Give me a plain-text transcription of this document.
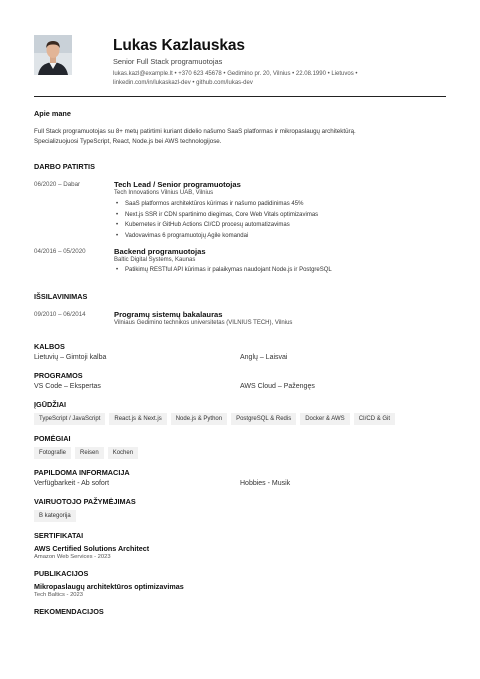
Lukas Kazlauskas
Senior Full Stack programuotojas
lukas.kazl@example.lt • +370 623 45678 • Gedimino pr. 20, Vilnius • 22.08.1990 • Lietuvos •
linkedin.com/in/lukaskazl-dev • github.com/lukas-dev
Apie mane
Full Stack programuotojas su 8+ metų patirtimi kuriant didelio našumo SaaS platformas ir mikropaslaugų architektūrą.
Specializuojuosi TypeScript, React, Node.js bei AWS technologijose.
DARBO PATIRTIS
06/2020 – Dabar	Tech Lead / Senior programuotojas
Tech Innovations Vilnius UAB, Vilnius
• SaaS platformos architektūros kūrimas ir našumo padidinimas 45%
• Next.js SSR ir CDN spartinimo diegimas, Core Web Vitals optimizavimas
• Kubernetes ir GitHub Actions CI/CD procesų automatizavimas
• Vadovavimas 6 programuotojų Agile komandai
04/2016 – 05/2020	Backend programuotojas
Baltic Digital Systems, Kaunas
• Patikimų RESTful API kūrimas ir palaikymas naudojant Node.js ir PostgreSQL
IŠSILAVINIMAS
09/2010 – 06/2014	Programų sistemų bakalauras
Vilniaus Gedimino technikos universitetas (VILNIUS TECH), Vilnius
KALBOS
Lietuvių – Gimtoji kalba	Anglų – Laisvai
PROGRAMOS
VS Code – Ekspertas	AWS Cloud – Pažengęs
ĮGŪDŽIAI
TypeScript / JavaScript	React.js & Next.js	Node.js & Python	PostgreSQL & Redis	Docker & AWS	CI/CD & Git
POMĖGIAI
Fotografie	Reisen	Kochen
PAPILDOMA INFORMACIJA
Verfügbarkeit - Ab sofort	Hobbies - Musik
VAIRUOTOJO PAŽYMĖJIMAS
B kategorija
SERTIFIKATAI
AWS Certified Solutions Architect
Amazon Web Services - 2023
PUBLIKACIJOS
Mikropaslaugų architektūros optimizavimas
Tech Baltics - 2023
REKOMENDACIJOS
